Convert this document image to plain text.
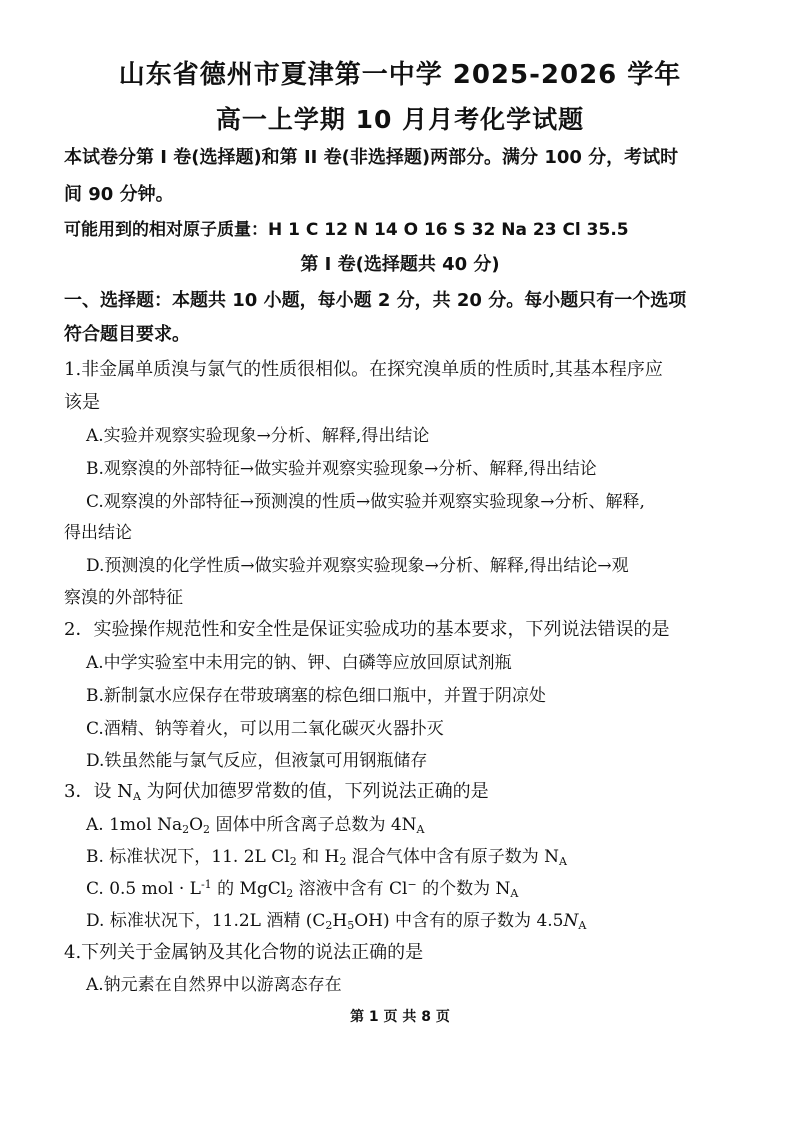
山东省德州市夏津第一中学 2025-2026 学年
高一上学期 10 月月考化学试题
本试卷分第 I 卷(选择题)和第 II 卷(非选择题)两部分。满分 100 分，考试时
间 90 分钟。
可能用到的相对原子质量：H 1 C 12 N 14 O 16 S 32 Na 23 Cl 35.5
第 I 卷(选择题共 40 分)
一、选择题：本题共 10 小题，每小题 2 分，共 20 分。每小题只有一个选项
符合题目要求。
1.非金属单质溴与氯气的性质很相似。在探究溴单质的性质时,其基本程序应
该是
A.实验并观察实验现象→分析、解释,得出结论
B.观察溴的外部特征→做实验并观察实验现象→分析、解释,得出结论
C.观察溴的外部特征→预测溴的性质→做实验并观察实验现象→分析、解释,
得出结论
D.预测溴的化学性质→做实验并观察实验现象→分析、解释,得出结论→观
察溴的外部特征
2．实验操作规范性和安全性是保证实验成功的基本要求，下列说法错误的是
A.中学实验室中未用完的钠、钾、白磷等应放回原试剂瓶
B.新制氯水应保存在带玻璃塞的棕色细口瓶中，并置于阴凉处
C.酒精、钠等着火，可以用二氧化碳灭火器扑灭
D.铁虽然能与氯气反应，但液氯可用钢瓶储存
3．设 $N_A$ 为阿伏加德罗常数的值，下列说法正确的是
A. 1mol $Na_2O_2$ 固体中所含离子总数为 $4N_A$
B. 标准状况下，11. 2L $Cl_2$ 和 $H_2$ 混合气体中含有原子数为 $N_A$
C. 0.5 mol · $L^{-1}$ 的 MgCl$_2$ 溶液中含有 Cl− 的个数为 $N_A$
D. 标准状况下，11.2L 酒精 $(C_2H_5OH)$ 中含有的原子数为 $4.5N_A$
4.下列关于金属钠及其化合物的说法正确的是
A.钠元素在自然界中以游离态存在
第 1 页 共 8 页
